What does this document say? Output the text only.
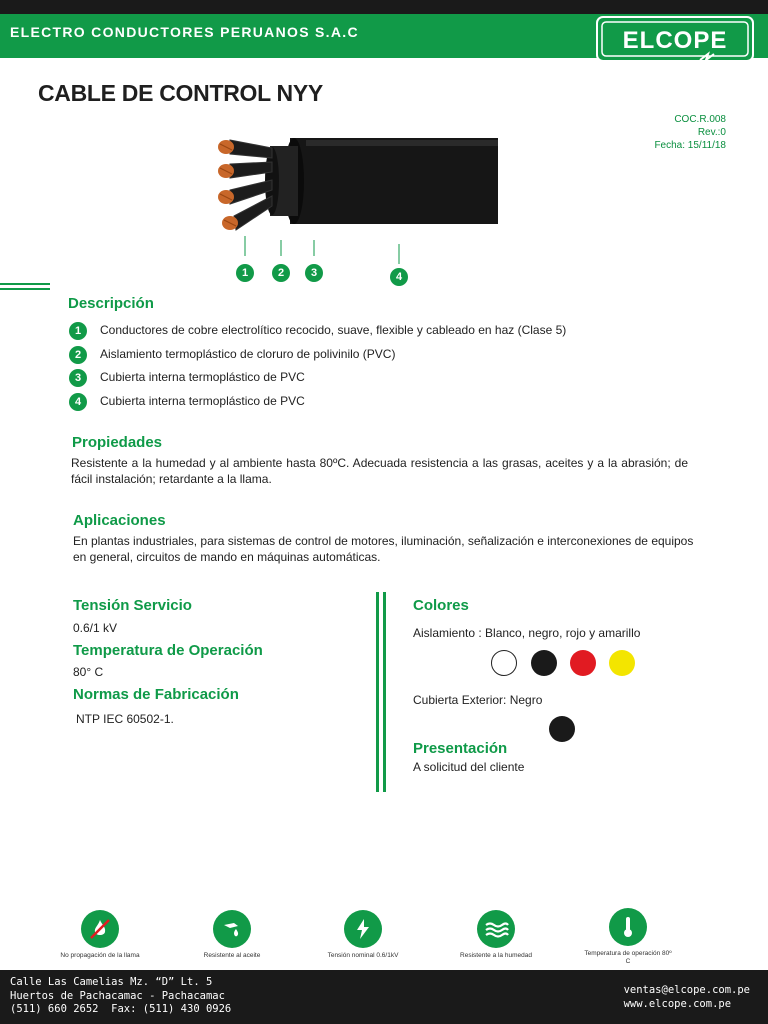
ELECTRO CONDUCTORES PERUANOS S.A.C	ELCOPE
CABLE DE CONTROL NYY
COC.R.008
Rev.:0
Fecha: 15/11/18
1	2	3	4
Descripción
1	Conductores de cobre electrolítico recocido, suave, flexible y cableado en haz (Clase 5)
2	Aislamiento termoplástico de cloruro de polivinilo (PVC)
3	Cubierta interna termoplástico de PVC
4	Cubierta interna termoplástico de PVC
Propiedades
Resistente a la humedad y al ambiente hasta 80ºC. Adecuada resistencia a las grasas, aceites y a la abrasión; de fácil instalación; retardante a la llama.
Aplicaciones
En plantas industriales, para sistemas de control de motores, iluminación, señalización e interconexiones de equipos en general, circuitos de mando en máquinas automáticas.
Tensión Servicio
0.6/1 kV
Temperatura de Operación
80° C
Normas de Fabricación
NTP IEC 60502-1.
Colores
Aislamiento : Blanco, negro, rojo y amarillo
Cubierta Exterior: Negro
Presentación
A solicitud del cliente
No propagación de la llama	Resistente al aceite	Tensión nominal 0.6/1kV	Resistente a la humedad	Temperatura de operación 80º C
Calle Las Camelias Mz. “D” Lt. 5
Huertos de Pachacamac - Pachacamac
(511) 660 2652  Fax: (511) 430 0926
ventas@elcope.com.pe
www.elcope.com.pe
